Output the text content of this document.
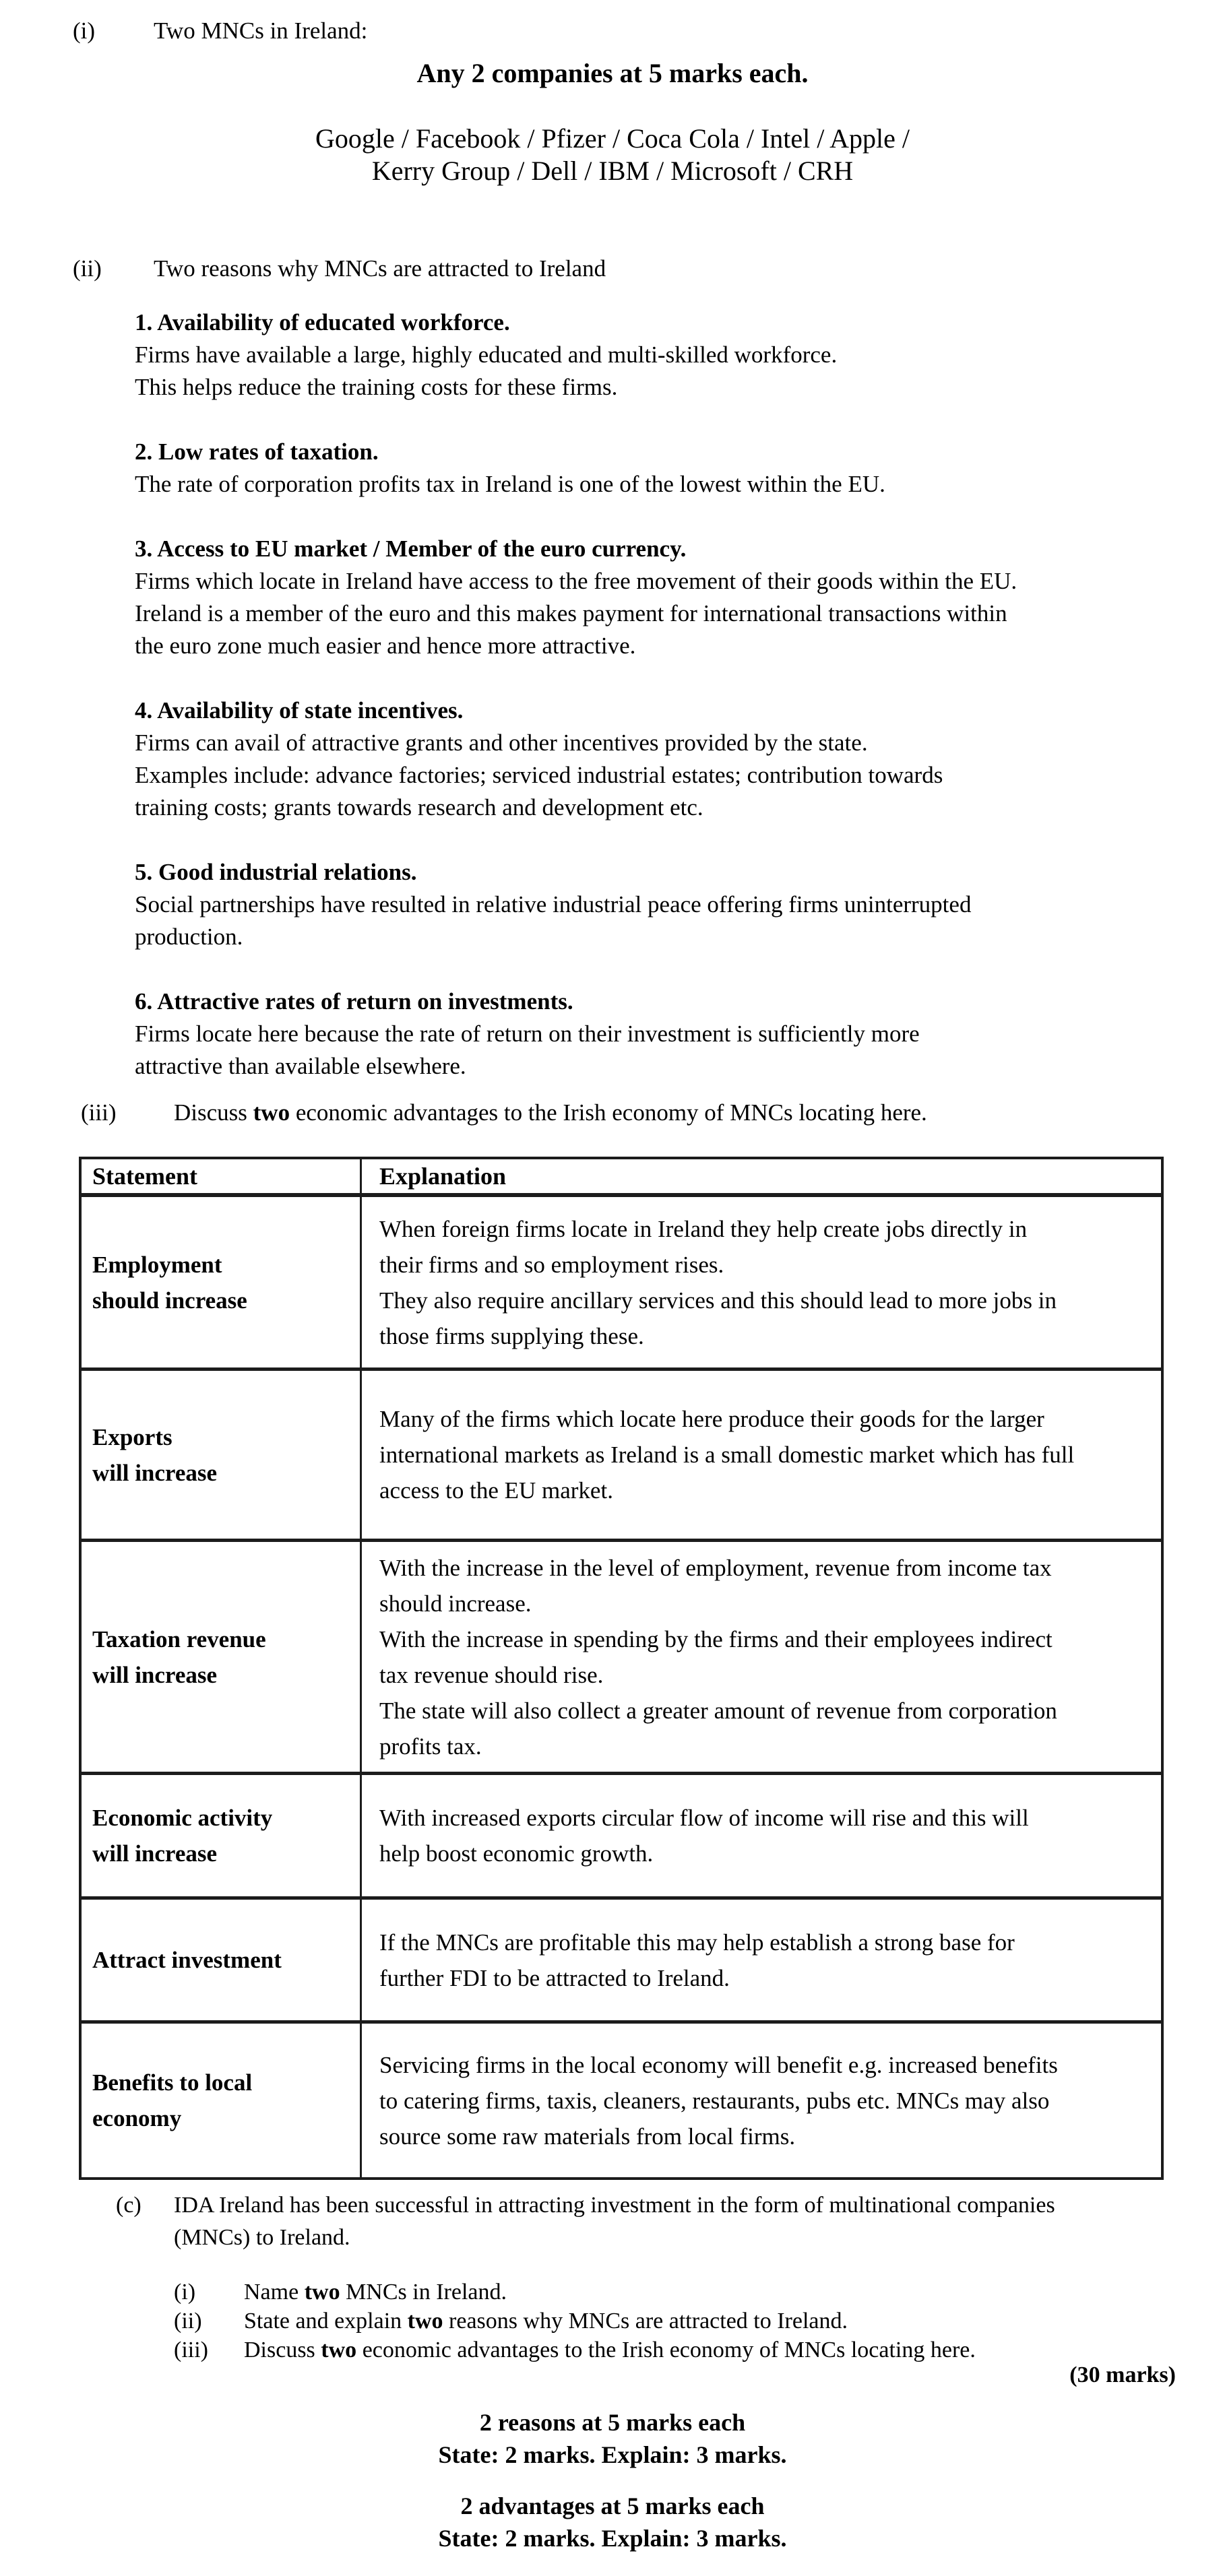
(i) Two MNCs in Ireland:
Any 2 companies at 5 marks each.
Google / Facebook / Pfizer / Coca Cola / Intel / Apple /
Kerry Group / Dell / IBM / Microsoft / CRH
(ii) Two reasons why MNCs are attracted to Ireland
1. Availability of educated workforce.
Firms have available a large, highly educated and multi-skilled workforce.
This helps reduce the training costs for these firms.
2. Low rates of taxation.
The rate of corporation profits tax in Ireland is one of the lowest within the EU.
3. Access to EU market / Member of the euro currency.
Firms which locate in Ireland have access to the free movement of their goods within the EU.
Ireland is a member of the euro and this makes payment for international transactions within
the euro zone much easier and hence more attractive.
4. Availability of state incentives.
Firms can avail of attractive grants and other incentives provided by the state.
Examples include: advance factories; serviced industrial estates; contribution towards
training costs; grants towards research and development etc.
5. Good industrial relations.
Social partnerships have resulted in relative industrial peace offering firms uninterrupted
production.
6. Attractive rates of return on investments.
Firms locate here because the rate of return on their investment is sufficiently more
attractive than available elsewhere.
(iii) Discuss two economic advantages to the Irish economy of MNCs locating here.
Statement	Explanation
Employment
should increase
When foreign firms locate in Ireland they help create jobs directly in
their firms and so employment rises.
They also require ancillary services and this should lead to more jobs in
those firms supplying these.
Exports
will increase
Many of the firms which locate here produce their goods for the larger
international markets as Ireland is a small domestic market which has full
access to the EU market.
Taxation revenue
will increase
With the increase in the level of employment, revenue from income tax
should increase.
With the increase in spending by the firms and their employees indirect
tax revenue should rise.
The state will also collect a greater amount of revenue from corporation
profits tax.
Economic activity
will increase
With increased exports circular flow of income will rise and this will
help boost economic growth.
Attract investment
If the MNCs are profitable this may help establish a strong base for
further FDI to be attracted to Ireland.
Benefits to local
economy
Servicing firms in the local economy will benefit e.g. increased benefits
to catering firms, taxis, cleaners, restaurants, pubs etc. MNCs may also
source some raw materials from local firms.
(c) IDA Ireland has been successful in attracting investment in the form of multinational companies
(MNCs) to Ireland.
(i) Name two MNCs in Ireland.
(ii) State and explain two reasons why MNCs are attracted to Ireland.
(iii) Discuss two economic advantages to the Irish economy of MNCs locating here.
(30 marks)
2 reasons at 5 marks each
State: 2 marks. Explain: 3 marks.
2 advantages at 5 marks each
State: 2 marks. Explain: 3 marks.
